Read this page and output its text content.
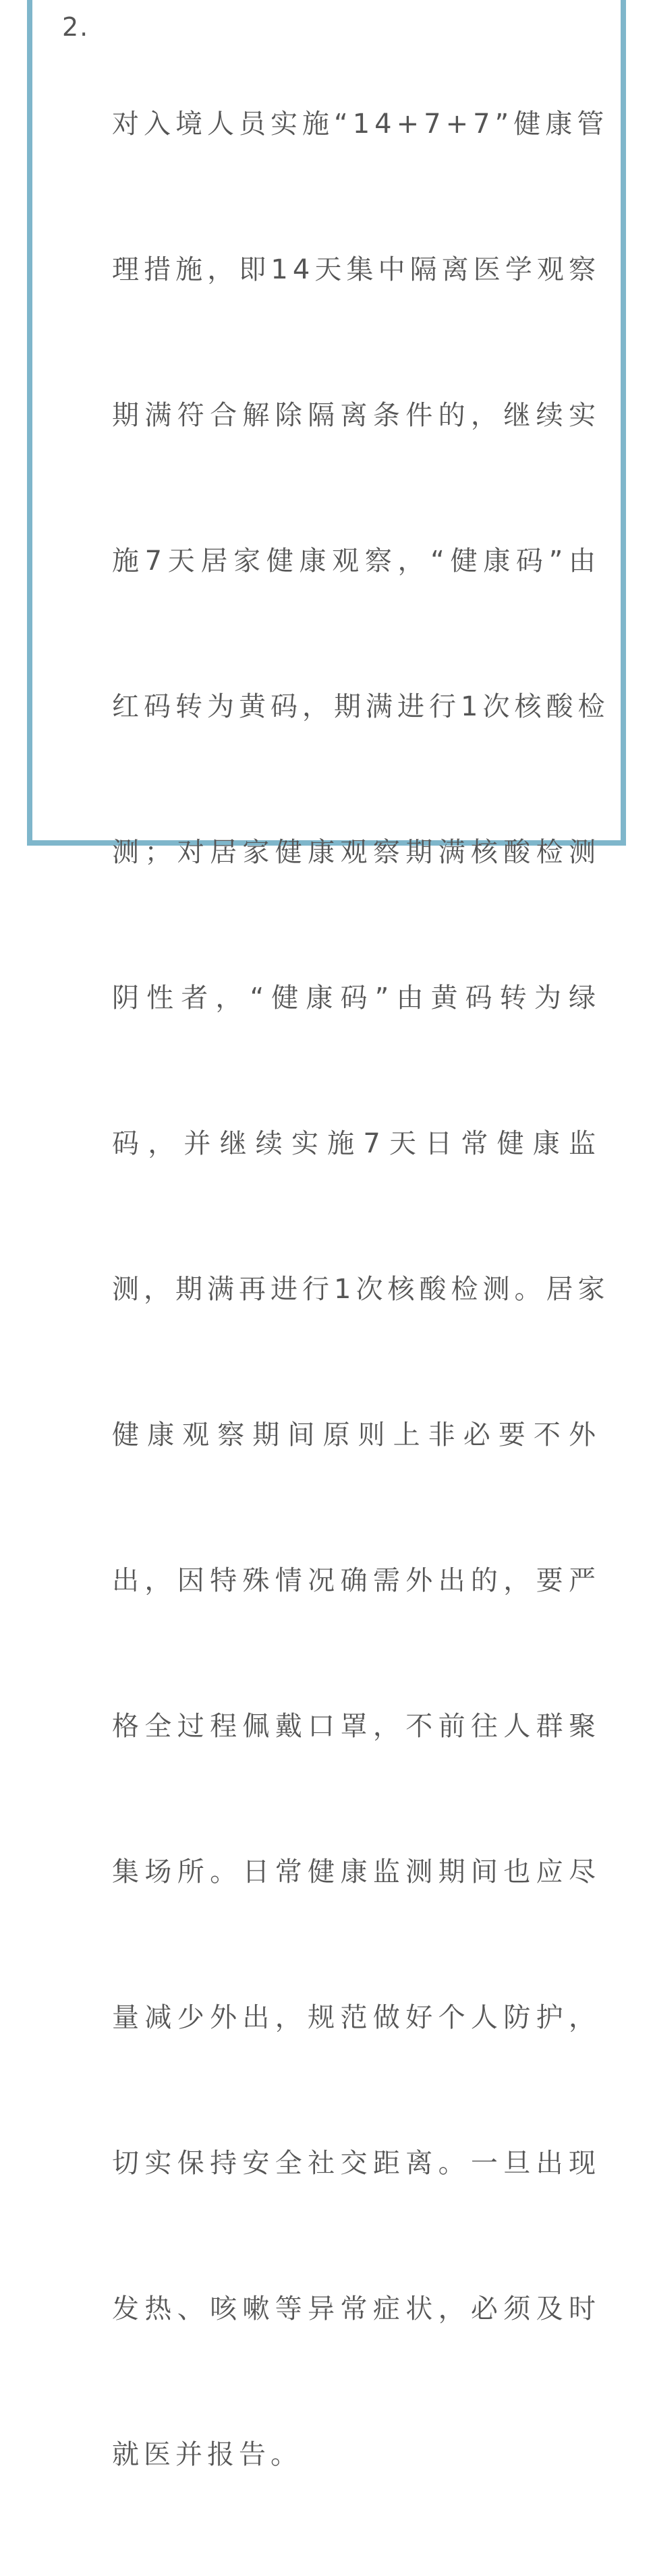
2.

对入境人员实施“14+7+7”健康管

理措施，即14天集中隔离医学观察

期满符合解除隔离条件的，继续实

施7天居家健康观察，“健康码”由

红码转为黄码，期满进行1次核酸检

测；对居家健康观察期满核酸检测

阴性者，“健康码”由黄码转为绿

码，并继续实施7天日常健康监

测，期满再进行1次核酸检测。居家

健康观察期间原则上非必要不外

出，因特殊情况确需外出的，要严

格全过程佩戴口罩，不前往人群聚

集场所。日常健康监测期间也应尽

量减少外出，规范做好个人防护，

切实保持安全社交距离。一旦出现

发热、咳嗽等异常症状，必须及时

就医并报告。
